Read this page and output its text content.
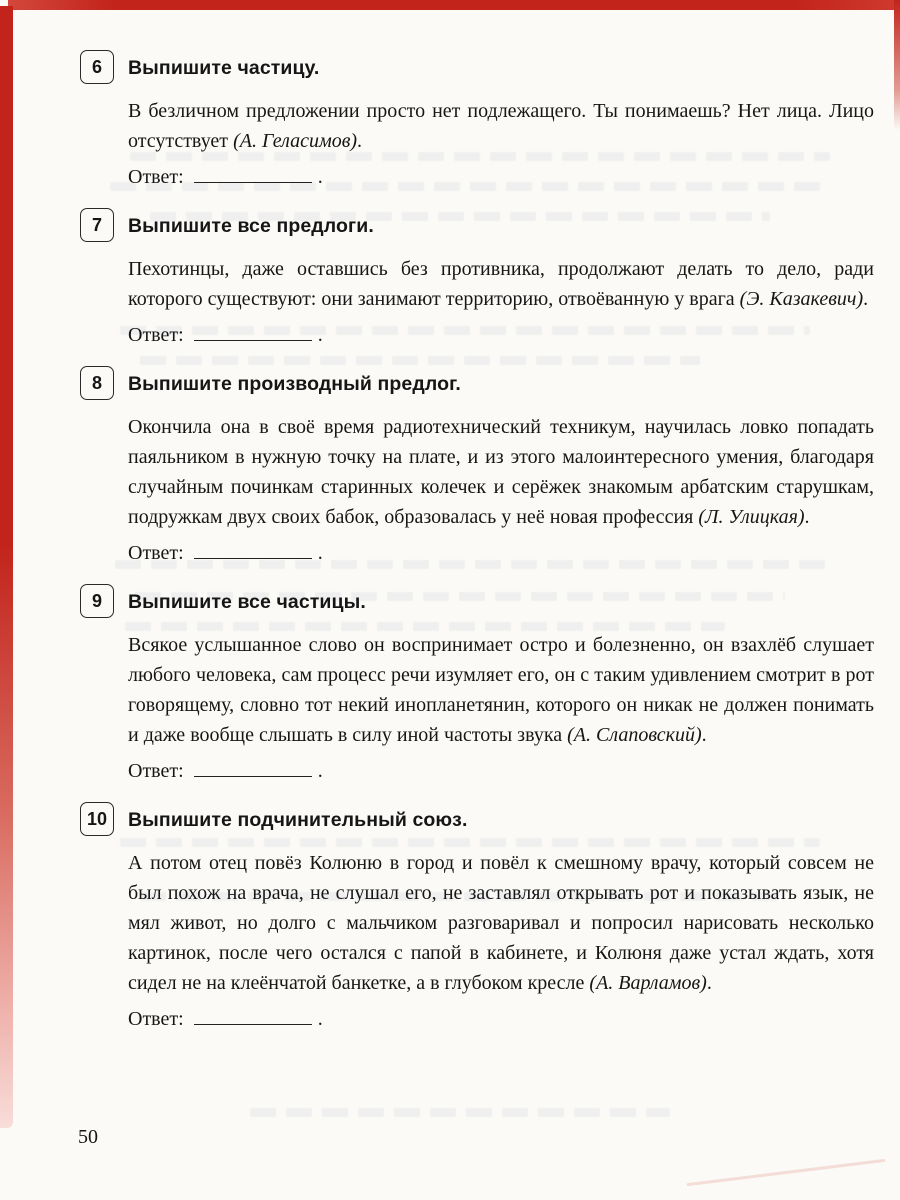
6 Выпишите частицу.

В безличном предложении просто нет подлежащего. Ты понимаешь? Нет лица. Лицо отсутствует (А. Геласимов).

Ответ:	.
7 Выпишите все предлоги.

Пехотинцы, даже оставшись без противника, продолжают делать то дело, ради которого существуют: они занимают территорию, отвоёванную у врага (Э. Казакевич).

Ответ:	.
8 Выпишите производный предлог.

Окончила она в своё время радиотехнический техникум, научилась ловко попадать паяльником в нужную точку на плате, и из этого малоинтересного умения, благодаря случайным починкам старинных колечек и серёжек знакомым арбатским старушкам, подружкам двух своих бабок, образовалась у неё новая профессия (Л. Улицкая).

Ответ:	.
9 Выпишите все частицы.

Всякое услышанное слово он воспринимает остро и болезненно, он взахлёб слушает любого человека, сам процесс речи изумляет его, он с таким удивлением смотрит в рот говорящему, словно тот некий инопланетянин, которого он никак не должен понимать и даже вообще слышать в силу иной частоты звука (А. Слаповский).

Ответ:	.
10 Выпишите подчинительный союз.

А потом отец повёз Колюню в город и повёл к смешному врачу, который совсем не был похож на врача, не слушал его, не заставлял открывать рот и показывать язык, не мял живот, но долго с мальчиком разговаривал и попросил нарисовать несколько картинок, после чего остался с папой в кабинете, и Колюня даже устал ждать, хотя сидел не на клеёнчатой банкетке, а в глубоком кресле (А. Варламов).

Ответ:	.
50
